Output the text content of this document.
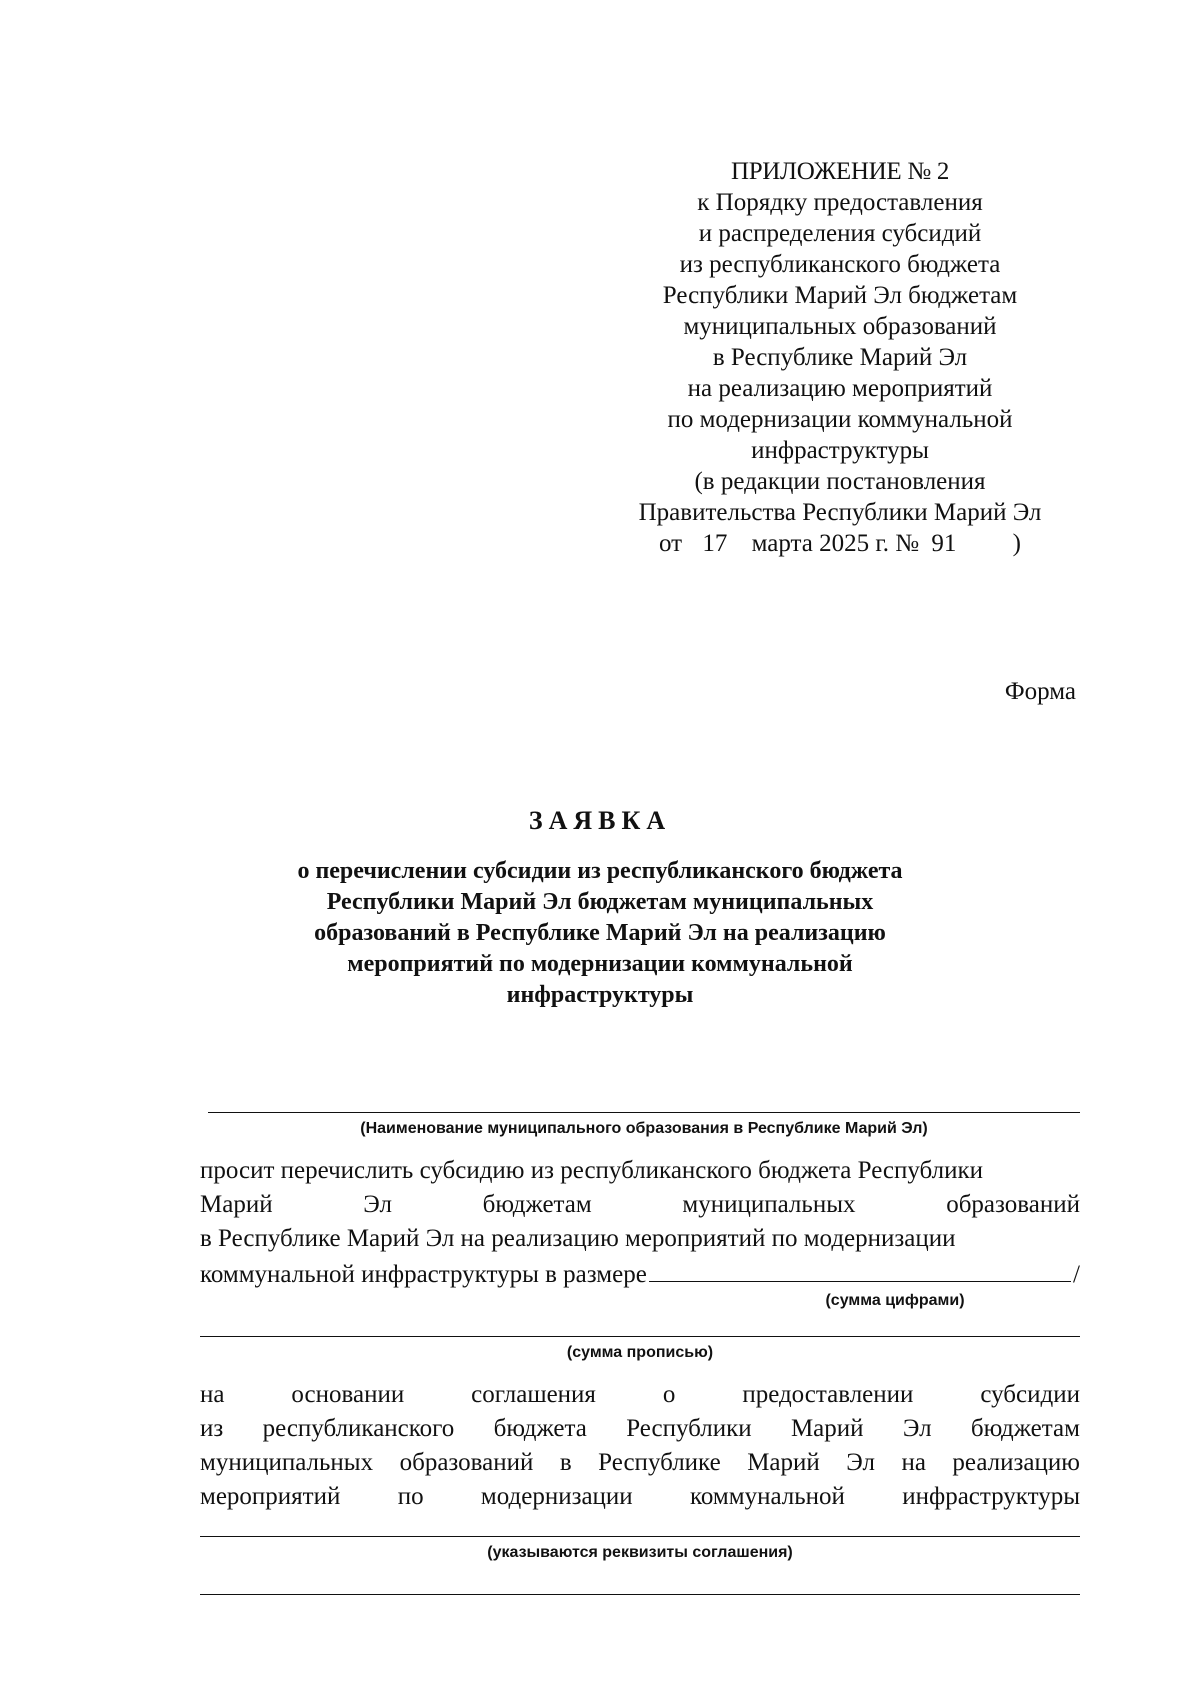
ПРИЛОЖЕНИЕ № 2
к Порядку предоставления
и распределения субсидий
из республиканского бюджета
Республики Марий Эл бюджетам
муниципальных образований
в Республике Марий Эл
на реализацию мероприятий
по модернизации коммунальной
инфраструктуры
(в редакции постановления
Правительства Республики Марий Эл
от 17 марта 2025 г. № 91 )
Форма
ЗАЯВКА
о перечислении субсидии из республиканского бюджета
Республики Марий Эл бюджетам муниципальных
образований в Республике Марий Эл на реализацию
мероприятий по модернизации коммунальной
инфраструктуры
(Наименование муниципального образования в Республике Марий Эл)
просит перечислить субсидию из республиканского бюджета Республики
Марий	Эл	бюджетам	муниципальных	образований
в Республике Марий Эл на реализацию мероприятий по модернизации
коммунальной инфраструктуры в размере	/
(сумма цифрами)
(сумма прописью)
на	основании	соглашения	о	предоставлении	субсидии
из республиканского бюджета Республики Марий Эл бюджетам
муниципальных образований в Республике Марий Эл на реализацию
мероприятий по модернизации коммунальной инфраструктуры
(указываются реквизиты соглашения)
